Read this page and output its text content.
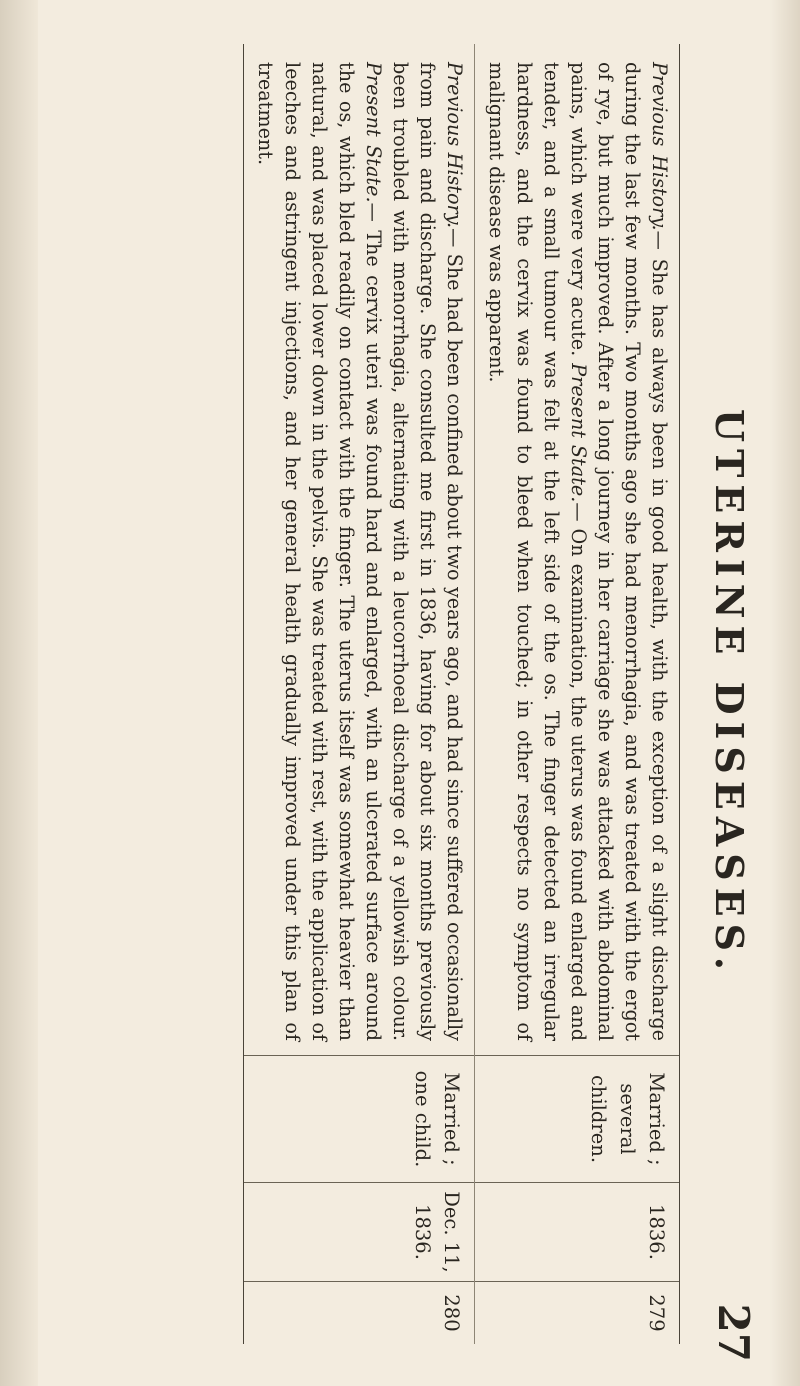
UTERINE DISEASES.
27
Previous History.— She has always been in good health, with the exception of a slight discharge during the last few months. Two months ago she had menorrhagia, and was treated with the ergot of rye, but much improved. After a long journey in her carriage she was attacked with abdominal pains, which were very acute. Present State.— On examination, the uterus was found enlarged and tender, and a small tumour was felt at the left side of the os. The finger detected an irregular hardness, and the cervix was found to bleed when touched; in other respects no symptom of malignant disease was apparent.
Married ; several children.
1836.
279
Previous History.— She had been confined about two years ago, and had since suffered occasionally from pain and discharge. She consulted me first in 1836, having for about six months previously been troubled with menorrhagia, alternating with a leucorrhoeal discharge of a yellowish colour. Present State.— The cervix uteri was found hard and enlarged, with an ulcerated surface around the os, which bled readily on contact with the finger. The uterus itself was somewhat heavier than natural, and was placed lower down in the pelvis. She was treated with rest, with the application of leeches and astringent injections, and her general health gradually improved under this plan of treatment.
Married ; one child.
Dec. 11, 1836.
280
